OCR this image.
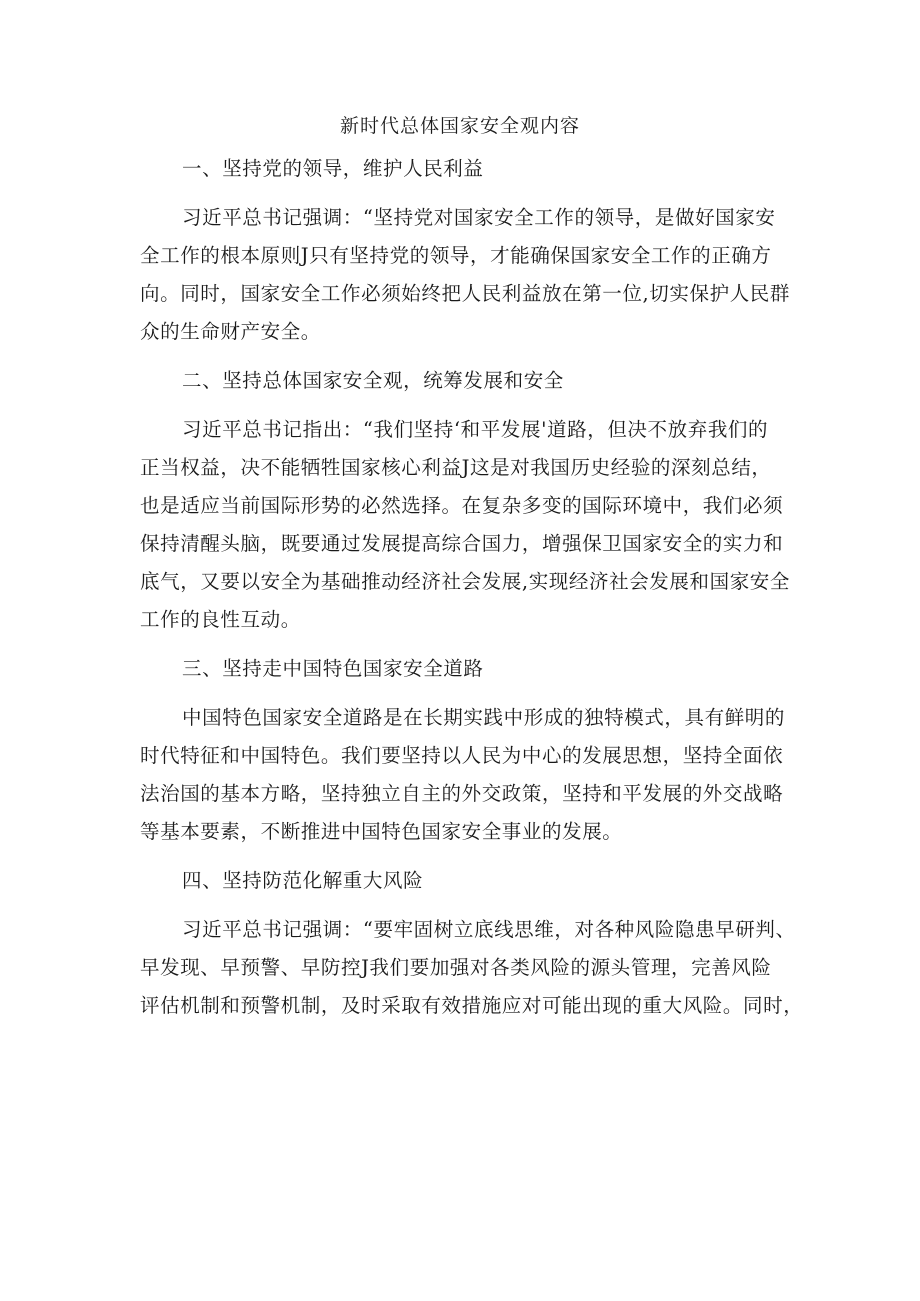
新时代总体国家安全观内容
一、坚持党的领导，维护人民利益

习近平总书记强调：“坚持党对国家安全工作的领导，是做好国家安
全工作的根本原则J只有坚持党的领导，才能确保国家安全工作的正确方
向。同时，国家安全工作必须始终把人民利益放在第一位,切实保护人民群
众的生命财产安全。

二、坚持总体国家安全观，统筹发展和安全

习近平总书记指出：“我们坚持‘和平发展'道路，但决不放弃我们的
正当权益，决不能牺牲国家核心利益J这是对我国历史经验的深刻总结，
也是适应当前国际形势的必然选择。在复杂多变的国际环境中，我们必须
保持清醒头脑，既要通过发展提高综合国力，增强保卫国家安全的实力和
底气，又要以安全为基础推动经济社会发展,实现经济社会发展和国家安全
工作的良性互动。

三、坚持走中国特色国家安全道路

中国特色国家安全道路是在长期实践中形成的独特模式，具有鲜明的
时代特征和中国特色。我们要坚持以人民为中心的发展思想，坚持全面依
法治国的基本方略，坚持独立自主的外交政策，坚持和平发展的外交战略
等基本要素，不断推进中国特色国家安全事业的发展。

四、坚持防范化解重大风险

习近平总书记强调：“要牢固树立底线思维，对各种风险隐患早研判、
早发现、早预警、早防控J我们要加强对各类风险的源头管理，完善风险
评估机制和预警机制，及时采取有效措施应对可能出现的重大风险。同时，
